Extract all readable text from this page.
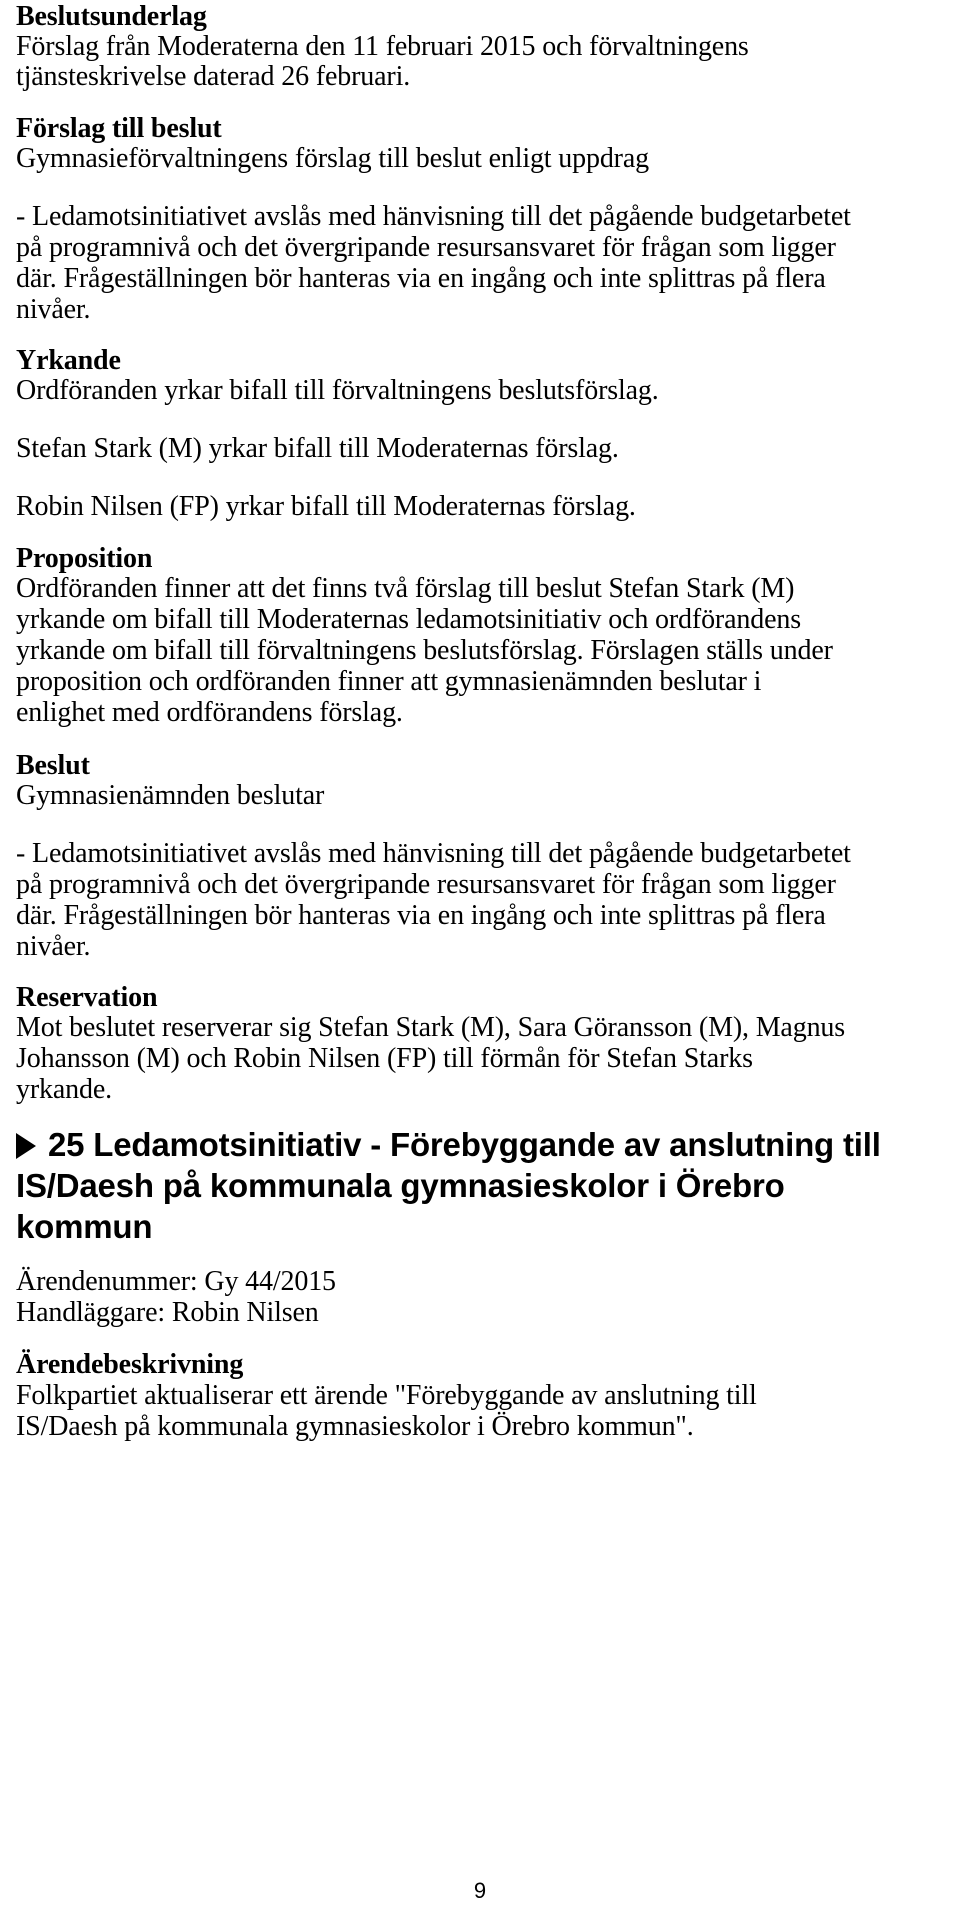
Beslutsunderlag
Förslag från Moderaterna den 11 februari 2015 och förvaltningens
tjänsteskrivelse daterad 26 februari.
Förslag till beslut
Gymnasieförvaltningens förslag till beslut enligt uppdrag
- Ledamotsinitiativet avslås med hänvisning till det pågående budgetarbetet
på programnivå och det övergripande resursansvaret för frågan som ligger
där. Frågeställningen bör hanteras via en ingång och inte splittras på flera
nivåer.
Yrkande
Ordföranden yrkar bifall till förvaltningens beslutsförslag.
Stefan Stark (M) yrkar bifall till Moderaternas förslag.
Robin Nilsen (FP) yrkar bifall till Moderaternas förslag.
Proposition
Ordföranden finner att det finns två förslag till beslut Stefan Stark (M)
yrkande om bifall till Moderaternas ledamotsinitiativ och ordförandens
yrkande om bifall till förvaltningens beslutsförslag. Förslagen ställs under
proposition och ordföranden finner att gymnasienämnden beslutar i
enlighet med ordförandens förslag.
Beslut
Gymnasienämnden beslutar
- Ledamotsinitiativet avslås med hänvisning till det pågående budgetarbetet
på programnivå och det övergripande resursansvaret för frågan som ligger
där. Frågeställningen bör hanteras via en ingång och inte splittras på flera
nivåer.
Reservation
Mot beslutet reserverar sig Stefan Stark (M), Sara Göransson (M), Magnus
Johansson (M) och Robin Nilsen (FP) till förmån för Stefan Starks
yrkande.
25 Ledamotsinitiativ - Förebyggande av anslutning till
IS/Daesh på kommunala gymnasieskolor i Örebro
kommun
Ärendenummer: Gy 44/2015
Handläggare: Robin Nilsen
Ärendebeskrivning
Folkpartiet aktualiserar ett ärende "Förebyggande av anslutning till
IS/Daesh på kommunala gymnasieskolor i Örebro kommun".
9
